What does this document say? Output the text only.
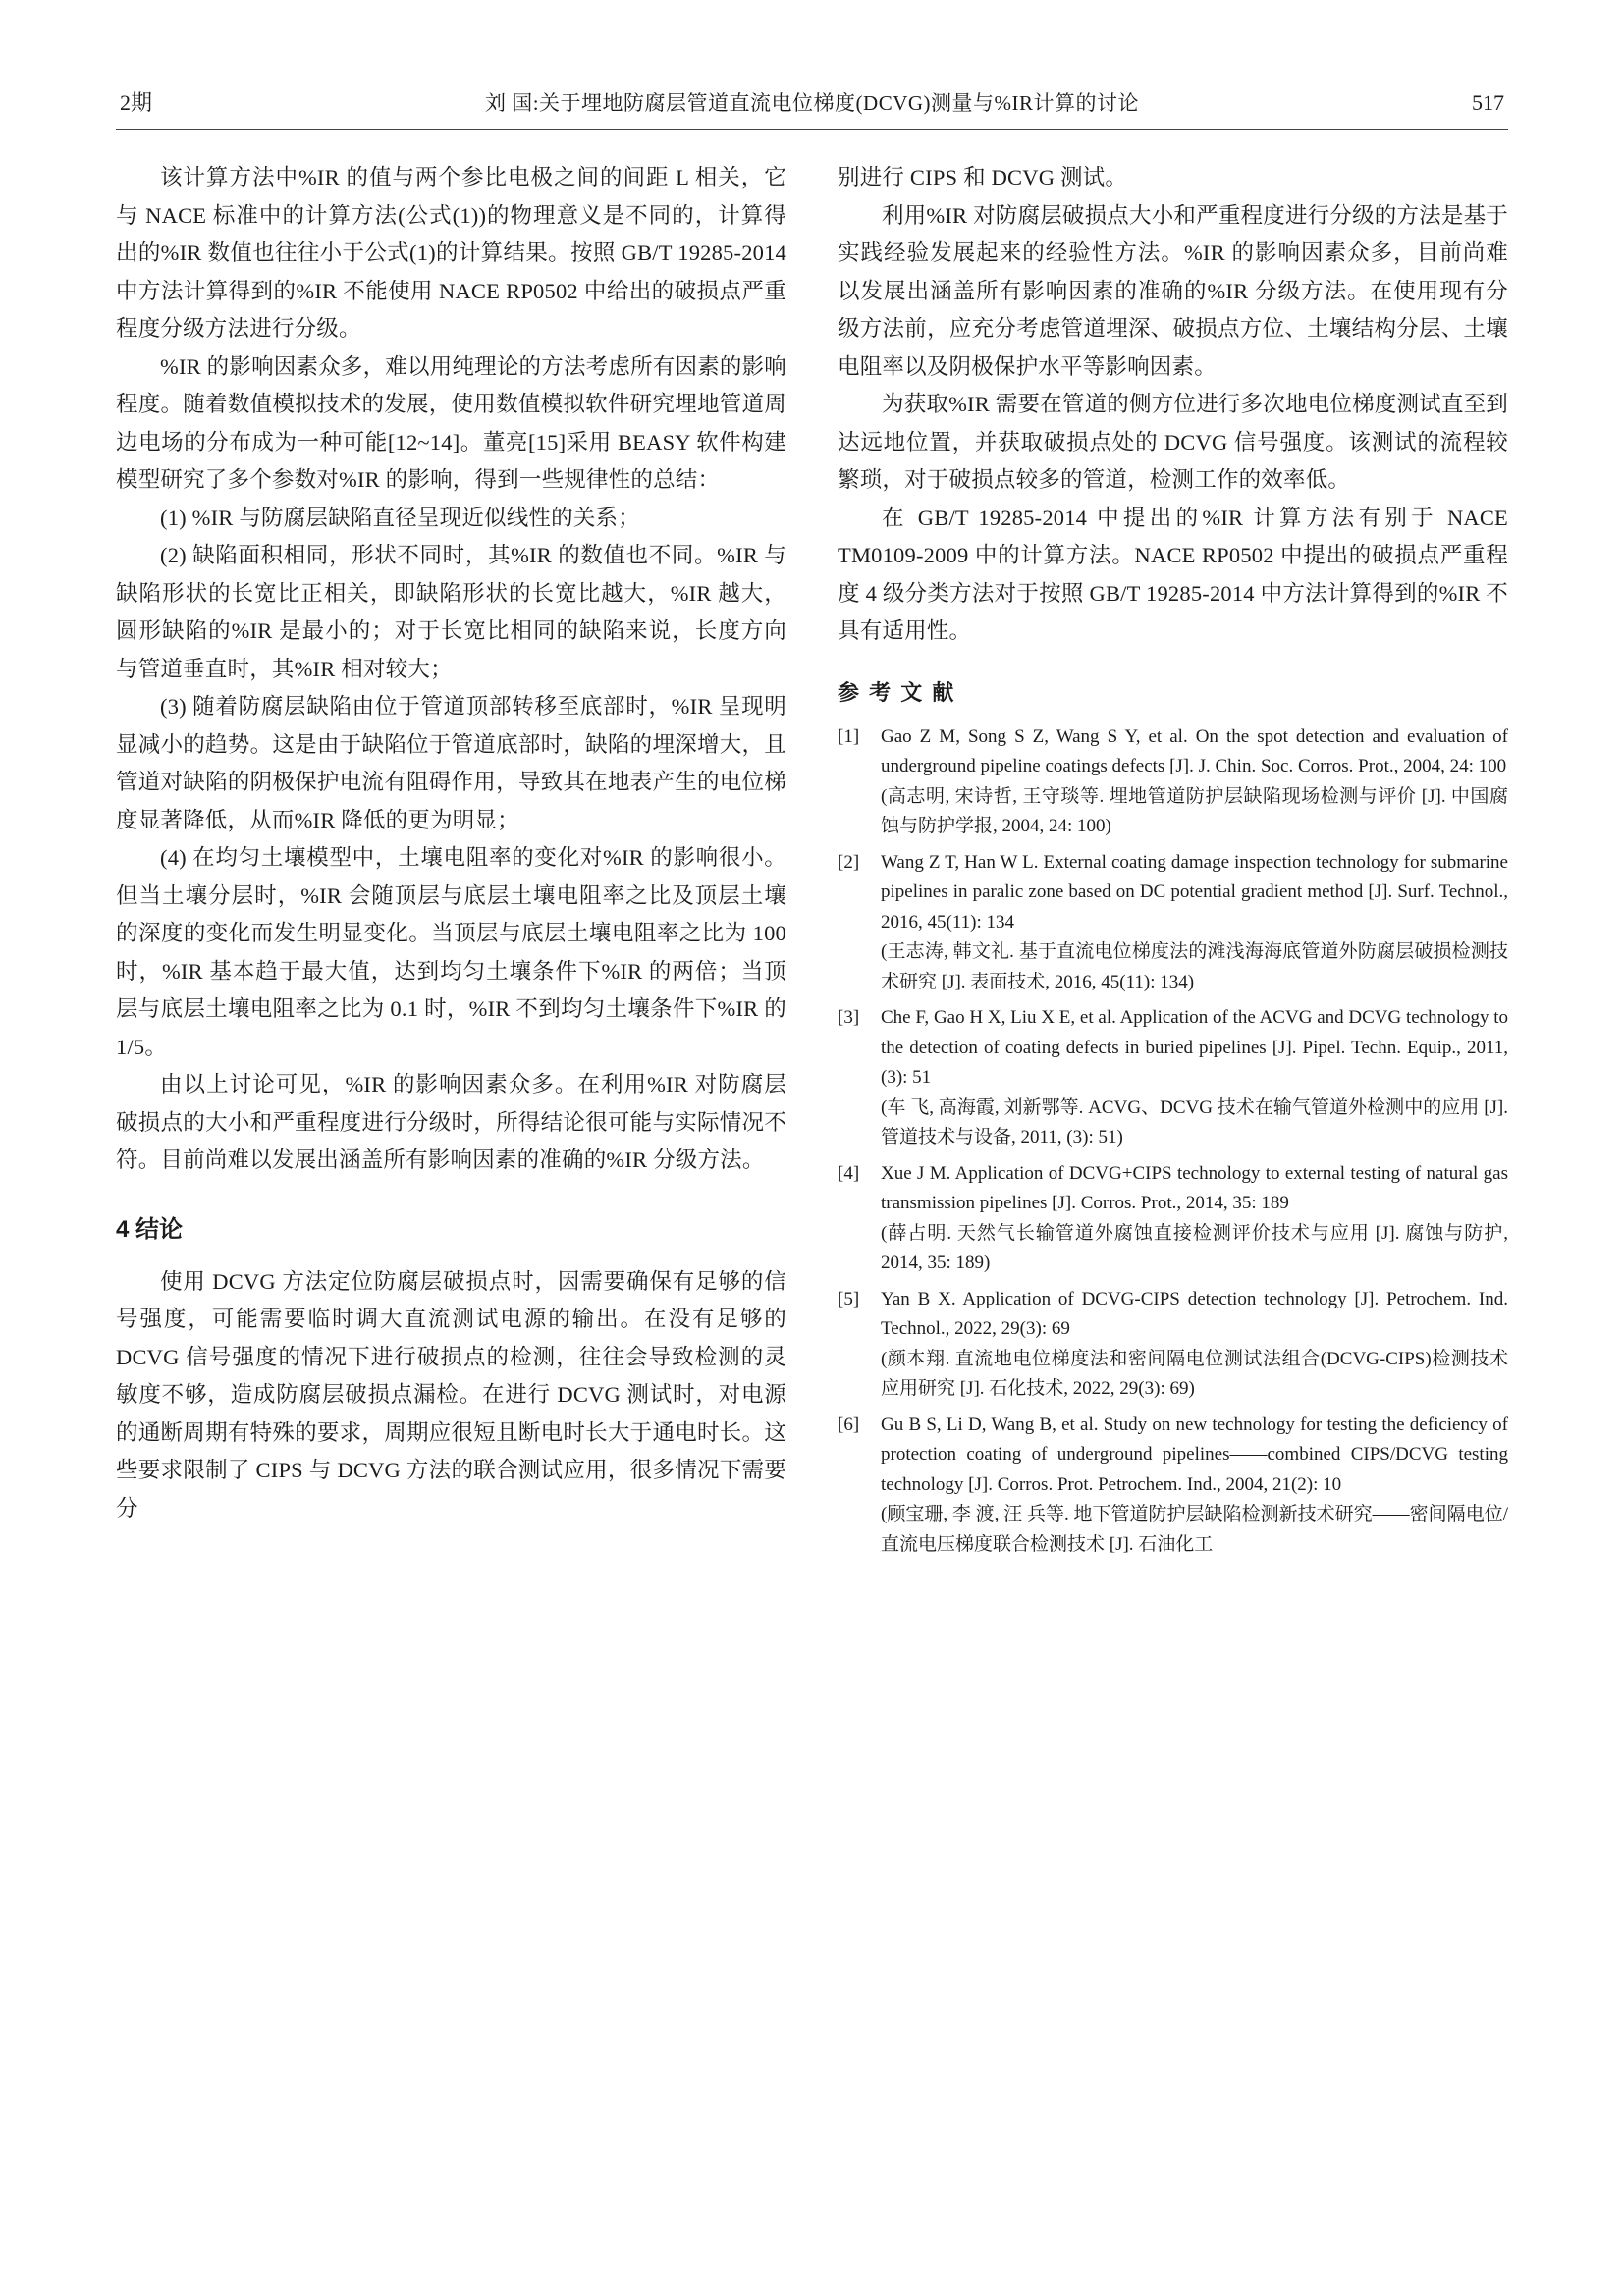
2期	刘 国:关于埋地防腐层管道直流电位梯度(DCVG)测量与%IR计算的讨论	517

该计算方法中%IR 的值与两个参比电极之间的间距 L 相关，它与 NACE 标准中的计算方法(公式(1))的物理意义是不同的，计算得出的%IR 数值也往往小于公式(1)的计算结果。按照 GB/T 19285-2014 中方法计算得到的%IR 不能使用 NACE RP0502 中给出的破损点严重程度分级方法进行分级。

%IR 的影响因素众多，难以用纯理论的方法考虑所有因素的影响程度。随着数值模拟技术的发展，使用数值模拟软件研究埋地管道周边电场的分布成为一种可能[12~14]。董亮[15]采用 BEASY 软件构建模型研究了多个参数对%IR 的影响，得到一些规律性的总结：

(1) %IR 与防腐层缺陷直径呈现近似线性的关系；

(2) 缺陷面积相同，形状不同时，其%IR 的数值也不同。%IR 与缺陷形状的长宽比正相关，即缺陷形状的长宽比越大，%IR 越大，圆形缺陷的%IR 是最小的；对于长宽比相同的缺陷来说，长度方向与管道垂直时，其%IR 相对较大；

(3) 随着防腐层缺陷由位于管道顶部转移至底部时，%IR 呈现明显减小的趋势。这是由于缺陷位于管道底部时，缺陷的埋深增大，且管道对缺陷的阴极保护电流有阻碍作用，导致其在地表产生的电位梯度显著降低，从而%IR 降低的更为明显；

(4) 在均匀土壤模型中，土壤电阻率的变化对%IR 的影响很小。但当土壤分层时，%IR 会随顶层与底层土壤电阻率之比及顶层土壤的深度的变化而发生明显变化。当顶层与底层土壤电阻率之比为 100 时，%IR 基本趋于最大值，达到均匀土壤条件下%IR 的两倍；当顶层与底层土壤电阻率之比为 0.1 时，%IR 不到均匀土壤条件下%IR 的 1/5。

由以上讨论可见，%IR 的影响因素众多。在利用%IR 对防腐层破损点的大小和严重程度进行分级时，所得结论很可能与实际情况不符。目前尚难以发展出涵盖所有影响因素的准确的%IR 分级方法。

4 结论

使用 DCVG 方法定位防腐层破损点时，因需要确保有足够的信号强度，可能需要临时调大直流测试电源的输出。在没有足够的 DCVG 信号强度的情况下进行破损点的检测，往往会导致检测的灵敏度不够，造成防腐层破损点漏检。在进行 DCVG 测试时，对电源的通断周期有特殊的要求，周期应很短且断电时长大于通电时长。这些要求限制了 CIPS 与 DCVG 方法的联合测试应用，很多情况下需要分

别进行 CIPS 和 DCVG 测试。

利用%IR 对防腐层破损点大小和严重程度进行分级的方法是基于实践经验发展起来的经验性方法。%IR 的影响因素众多，目前尚难以发展出涵盖所有影响因素的准确的%IR 分级方法。在使用现有分级方法前，应充分考虑管道埋深、破损点方位、土壤结构分层、土壤电阻率以及阴极保护水平等影响因素。

为获取%IR 需要在管道的侧方位进行多次地电位梯度测试直至到达远地位置，并获取破损点处的 DCVG 信号强度。该测试的流程较繁琐，对于破损点较多的管道，检测工作的效率低。

在 GB/T 19285-2014 中提出的%IR 计算方法有别于 NACE TM0109-2009 中的计算方法。NACE RP0502 中提出的破损点严重程度 4 级分类方法对于按照 GB/T 19285-2014 中方法计算得到的%IR 不具有适用性。

参 考 文 献
[1]	Gao Z M, Song S Z, Wang S Y, et al. On the spot detection and evaluation of underground pipeline coatings defects [J]. J. Chin. Soc. Corros. Prot., 2004, 24: 100

(高志明, 宋诗哲, 王守琰等. 埋地管道防护层缺陷现场检测与评价 [J]. 中国腐蚀与防护学报, 2004, 24: 100)

[2]	Wang Z T, Han W L. External coating damage inspection technology for submarine pipelines in paralic zone based on DC potential gradient method [J]. Surf. Technol., 2016, 45(11): 134

(王志涛, 韩文礼. 基于直流电位梯度法的滩浅海海底管道外防腐层破损检测技术研究 [J]. 表面技术, 2016, 45(11): 134)

[3]	Che F, Gao H X, Liu X E, et al. Application of the ACVG and DCVG technology to the detection of coating defects in buried pipelines [J]. Pipel. Techn. Equip., 2011, (3): 51

(车 飞, 高海霞, 刘新鄂等. ACVG、DCVG 技术在输气管道外检测中的应用 [J]. 管道技术与设备, 2011, (3): 51)

[4]	Xue J M. Application of DCVG+CIPS technology to external testing of natural gas transmission pipelines [J]. Corros. Prot., 2014, 35: 189

(薛占明. 天然气长输管道外腐蚀直接检测评价技术与应用 [J]. 腐蚀与防护, 2014, 35: 189)

[5]	Yan B X. Application of DCVG-CIPS detection technology [J]. Petrochem. Ind. Technol., 2022, 29(3): 69

(颜本翔. 直流地电位梯度法和密间隔电位测试法组合(DCVG-CIPS)检测技术应用研究 [J]. 石化技术, 2022, 29(3): 69)

[6]	Gu B S, Li D, Wang B, et al. Study on new technology for testing the deficiency of protection coating of underground pipelines——combined CIPS/DCVG testing technology [J]. Corros. Prot. Petrochem. Ind., 2004, 21(2): 10

(顾宝珊, 李 渡, 汪 兵等. 地下管道防护层缺陷检测新技术研究——密间隔电位/直流电压梯度联合检测技术 [J]. 石油化工
